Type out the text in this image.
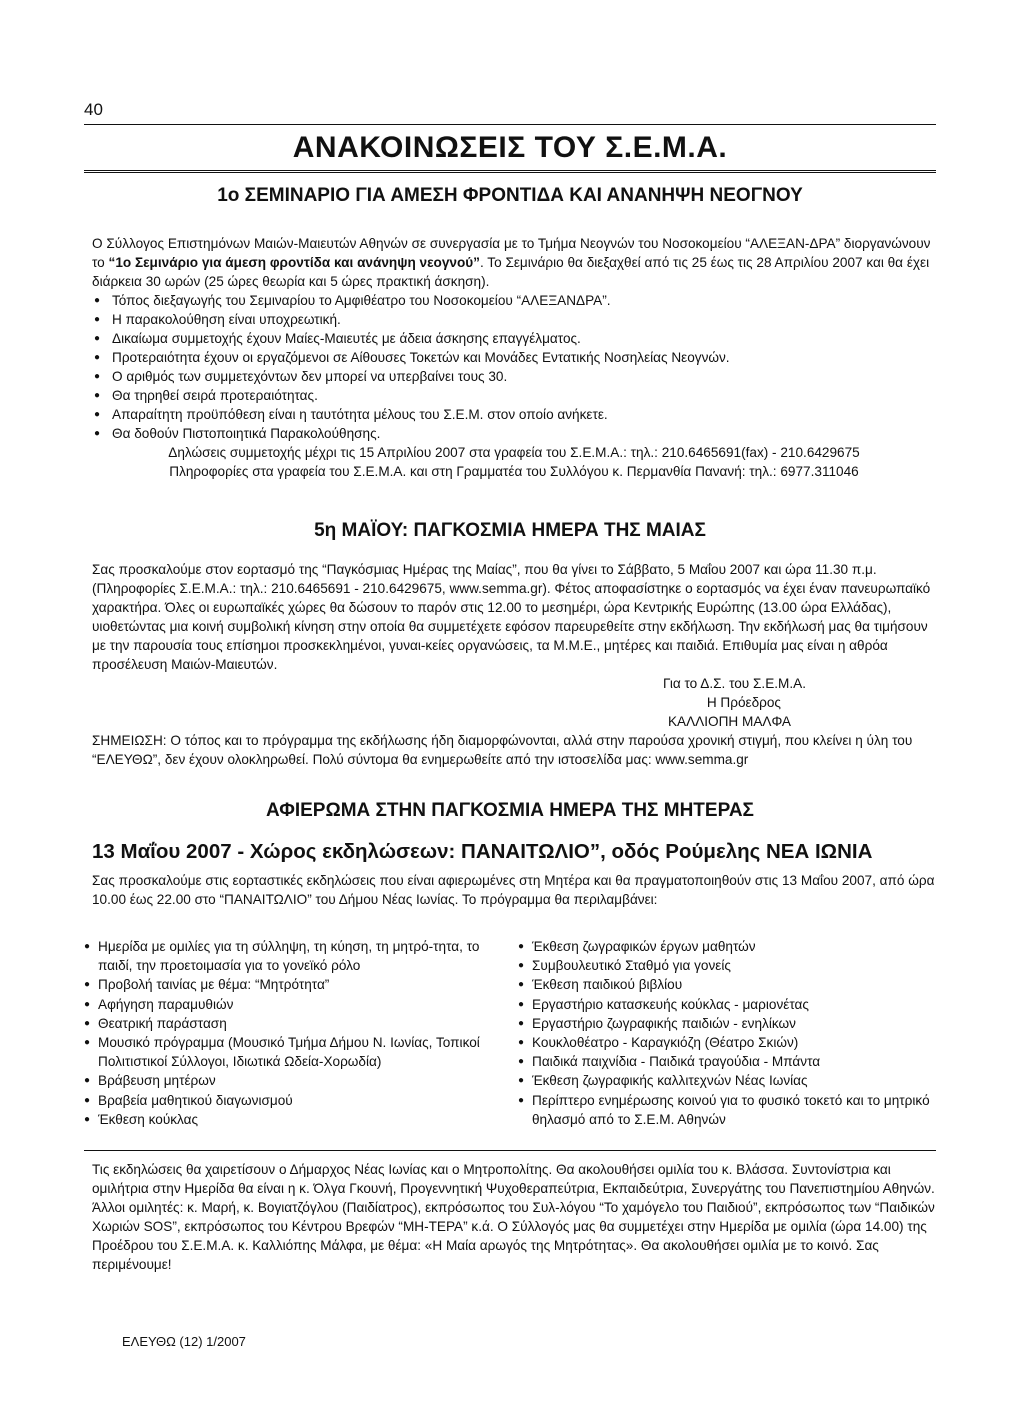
40
ΑΝΑΚΟΙΝΩΣΕΙΣ ΤΟΥ Σ.Ε.Μ.Α.
1ο ΣΕΜΙΝΑΡΙΟ ΓΙΑ ΑΜΕΣΗ ΦΡΟΝΤΙΔΑ ΚΑΙ ΑΝΑΝΗΨΗ ΝΕΟΓΝΟΥ

Ο Σύλλογος Επιστημόνων Μαιών-Μαιευτών Αθηνών σε συνεργασία με το Τμήμα Νεογνών του Νοσοκομείου “ΑΛΕΞΑΝ-ΔΡΑ” διοργανώνουν το “1ο Σεμινάριο για άμεση φροντίδα και ανάνηψη νεογνού”. Το Σεμινάριο θα διεξαχθεί από τις 25 έως τις 28 Απριλίου 2007 και θα έχει διάρκεια 30 ωρών (25 ώρες θεωρία και 5 ώρες πρακτική άσκηση).

● Τόπος διεξαγωγής του Σεμιναρίου το Αμφιθέατρο του Νοσοκομείου “ΑΛΕΞΑΝΔΡΑ”.
● Η παρακολούθηση είναι υποχρεωτική.
● Δικαίωμα συμμετοχής έχουν Μαίες-Μαιευτές με άδεια άσκησης επαγγέλματος.
● Προτεραιότητα έχουν οι εργαζόμενοι σε Αίθουσες Τοκετών και Μονάδες Εντατικής Νοσηλείας Νεογνών.
● Ο αριθμός των συμμετεχόντων δεν μπορεί να υπερβαίνει τους 30.
● Θα τηρηθεί σειρά προτεραιότητας.
● Απαραίτητη προϋπόθεση είναι η ταυτότητα μέλους του Σ.Ε.Μ. στον οποίο ανήκετε.
● Θα δοθούν Πιστοποιητικά Παρακολούθησης.

Δηλώσεις συμμετοχής μέχρι τις 15 Απριλίου 2007 στα γραφεία του Σ.Ε.Μ.Α.: τηλ.: 210.6465691(fax) - 210.6429675

Πληροφορίες στα γραφεία του Σ.Ε.Μ.Α. και στη Γραμματέα του Συλλόγου κ. Περμανθία Πανανή: τηλ.: 6977.311046

5η ΜΑΪΟΥ: ΠΑΓΚΟΣΜΙΑ ΗΜΕΡΑ ΤΗΣ ΜΑΙΑΣ

Σας προσκαλούμε στον εορτασμό της “Παγκόσμιας Ημέρας της Μαίας”, που θα γίνει το Σάββατο, 5 Μαΐου 2007 και ώρα 11.30 π.μ. (Πληροφορίες Σ.Ε.Μ.Α.: τηλ.: 210.6465691 - 210.6429675, www.semma.gr). Φέτος αποφασίστηκε ο εορτασμός να έχει έναν πανευρωπαϊκό χαρακτήρα. Όλες οι ευρωπαϊκές χώρες θα δώσουν το παρόν στις 12.00 το μεσημέρι, ώρα Κεντρικής Ευρώπης (13.00 ώρα Ελλάδας), υιοθετώντας μια κοινή συμβολική κίνηση στην οποία θα συμμετέχετε εφόσον παρευρεθείτε στην εκδήλωση. Την εκδήλωσή μας θα τιμήσουν με την παρουσία τους επίσημοι προσκεκλημένοι, γυναι-κείες οργανώσεις, τα Μ.Μ.Ε., μητέρες και παιδιά. Επιθυμία μας είναι η αθρόα προσέλευση Μαιών-Μαιευτών.

Για το Δ.Σ. του Σ.Ε.Μ.Α.

Η Πρόεδρος

ΚΑΛΛΙΟΠΗ ΜΑΛΦΑ

ΣΗΜΕΙΩΣΗ: Ο τόπος και το πρόγραμμα της εκδήλωσης ήδη διαμορφώνονται, αλλά στην παρούσα χρονική στιγμή, που κλείνει η ύλη του “ΕΛΕΥΘΩ”, δεν έχουν ολοκληρωθεί. Πολύ σύντομα θα ενημερωθείτε από την ιστοσελίδα μας: www.semma.gr

ΑΦΙΕΡΩΜΑ ΣΤΗΝ ΠΑΓΚΟΣΜΙΑ ΗΜΕΡΑ ΤΗΣ ΜΗΤΕΡΑΣ
13 Μαΐου 2007 - Χώρος εκδηλώσεων: ΠΑΝΑΙΤΩΛΙΟ”, οδός Ρούμελης ΝΕΑ ΙΩΝΙΑ

Σας προσκαλούμε στις εορταστικές εκδηλώσεις που είναι αφιερωμένες στη Μητέρα και θα πραγματοποιηθούν στις 13 Μαΐου 2007, από ώρα 10.00 έως 22.00 στο “ΠΑΝΑΙΤΩΛΙΟ” του Δήμου Νέας Ιωνίας. Το πρόγραμμα θα περιλαμβάνει:

● Ημερίδα με ομιλίες για τη σύλληψη, τη κύηση, τη μητρό-τητα, το παιδί, την προετοιμασία για το γονεϊκό ρόλο
● Προβολή ταινίας με θέμα: “Μητρότητα”
● Αφήγηση παραμυθιών
● Θεατρική παράσταση
● Μουσικό πρόγραμμα (Μουσικό Τμήμα Δήμου Ν. Ιωνίας, Τοπικοί Πολιτιστικοί Σύλλογοι, Ιδιωτικά Ωδεία-Χορωδία)
● Βράβευση μητέρων
● Βραβεία μαθητικού διαγωνισμού
● Έκθεση κούκλας
● Έκθεση ζωγραφικών έργων μαθητών
● Συμβουλευτικό Σταθμό για γονείς
● Έκθεση παιδικού βιβλίου
● Εργαστήριο κατασκευής κούκλας - μαριονέτας
● Εργαστήριο ζωγραφικής παιδιών - ενηλίκων
● Κουκλοθέατρο - Καραγκιόζη (Θέατρο Σκιών)
● Παιδικά παιχνίδια - Παιδικά τραγούδια - Μπάντα
● Έκθεση ζωγραφικής καλλιτεχνών Νέας Ιωνίας
● Περίπτερο ενημέρωσης κοινού για το φυσικό τοκετό και το μητρικό θηλασμό από το Σ.Ε.Μ. Αθηνών

Τις εκδηλώσεις θα χαιρετίσουν ο Δήμαρχος Νέας Ιωνίας και ο Μητροπολίτης. Θα ακολουθήσει ομιλία του κ. Βλάσσα. Συντονίστρια και ομιλήτρια στην Ημερίδα θα είναι η κ. Όλγα Γκουνή, Προγεννητική Ψυχοθεραπεύτρια, Εκπαιδεύτρια, Συνεργάτης του Πανεπιστημίου Αθηνών. Άλλοι ομιλητές: κ. Μαρή, κ. Βογιατζόγλου (Παιδίατρος), εκπρόσωπος του Συλ-λόγου “Το χαμόγελο του Παιδιού”, εκπρόσωπος των “Παιδικών Χωριών SOS”, εκπρόσωπος του Κέντρου Βρεφών “ΜΗ-ΤΕΡΑ” κ.ά. Ο Σύλλογός μας θα συμμετέχει στην Ημερίδα με ομιλία (ώρα 14.00) της Προέδρου του Σ.Ε.Μ.Α. κ. Καλλιόπης Μάλφα, με θέμα: «Η Μαία αρωγός της Μητρότητας». Θα ακολουθήσει ομιλία με το κοινό. Σας περιμένουμε!

ΕΛΕΥΘΩ (12) 1/2007
